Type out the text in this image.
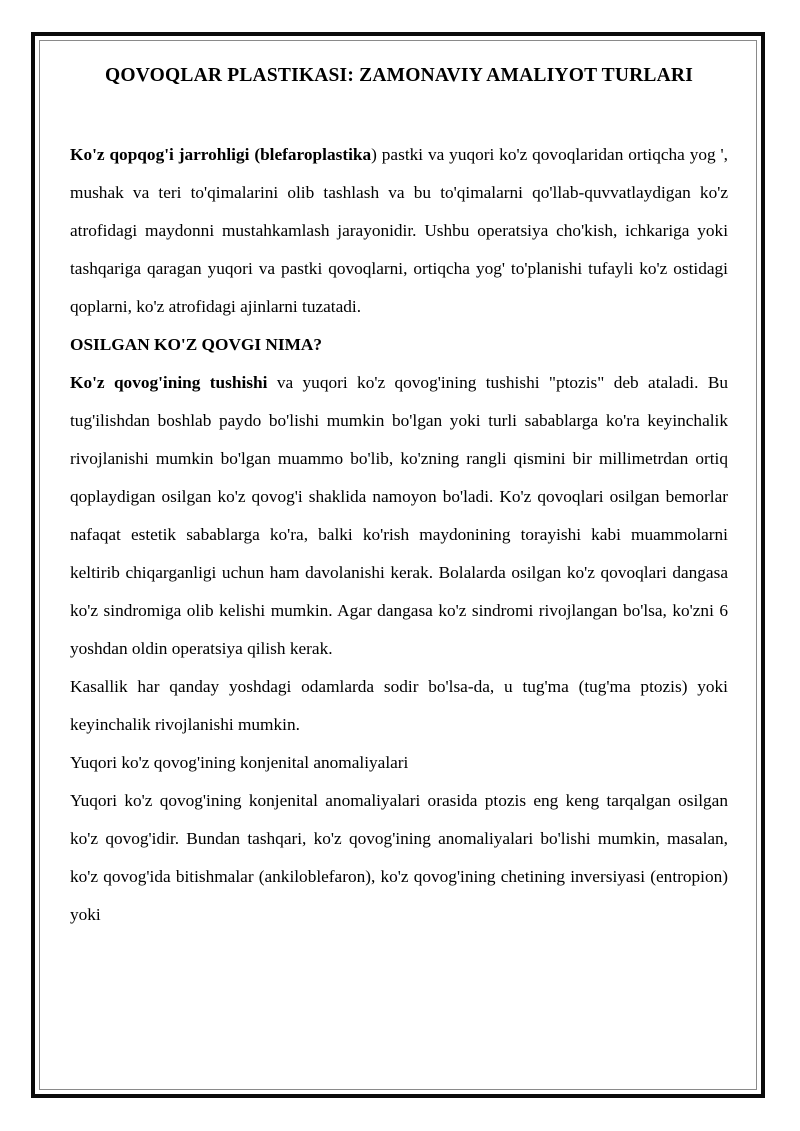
QOVOQLAR PLASTIKASI: ZAMONAVIY AMALIYOT TURLARI

Ko'z qopqog'i jarrohligi (blefaroplastika) pastki va yuqori ko'z qovoqlaridan ortiqcha yog ', mushak va teri to'qimalarini olib tashlash va bu to'qimalarni qo'llab-quvvatlaydigan ko'z atrofidagi maydonni mustahkamlash jarayonidir. Ushbu operatsiya cho'kish, ichkariga yoki tashqariga qaragan yuqori va pastki qovoqlarni, ortiqcha yog' to'planishi tufayli ko'z ostidagi qoplarni, ko'z atrofidagi ajinlarni tuzatadi.

OSILGAN KO'Z QOVGI NIMA?

Ko'z qovog'ining tushishi va yuqori ko'z qovog'ining tushishi "ptozis" deb ataladi. Bu tug'ilishdan boshlab paydo bo'lishi mumkin bo'lgan yoki turli sabablarga ko'ra keyinchalik rivojlanishi mumkin bo'lgan muammo bo'lib, ko'zning rangli qismini bir millimetrdan ortiq qoplaydigan osilgan ko'z qovog'i shaklida namoyon bo'ladi. Ko'z qovoqlari osilgan bemorlar nafaqat estetik sabablarga ko'ra, balki ko'rish maydonining torayishi kabi muammolarni keltirib chiqarganligi uchun ham davolanishi kerak. Bolalarda osilgan ko'z qovoqlari dangasa ko'z sindromiga olib kelishi mumkin. Agar dangasa ko'z sindromi rivojlangan bo'lsa, ko'zni 6 yoshdan oldin operatsiya qilish kerak.

Kasallik har qanday yoshdagi odamlarda sodir bo'lsa-da, u tug'ma (tug'ma ptozis) yoki keyinchalik rivojlanishi mumkin.

Yuqori ko'z qovog'ining konjenital anomaliyalari

Yuqori ko'z qovog'ining konjenital anomaliyalari orasida ptozis eng keng tarqalgan osilgan ko'z qovog'idir. Bundan tashqari, ko'z qovog'ining anomaliyalari bo'lishi mumkin, masalan, ko'z qovog'ida bitishmalar (ankiloblefaron), ko'z qovog'ining chetining inversiyasi (entropion) yoki
